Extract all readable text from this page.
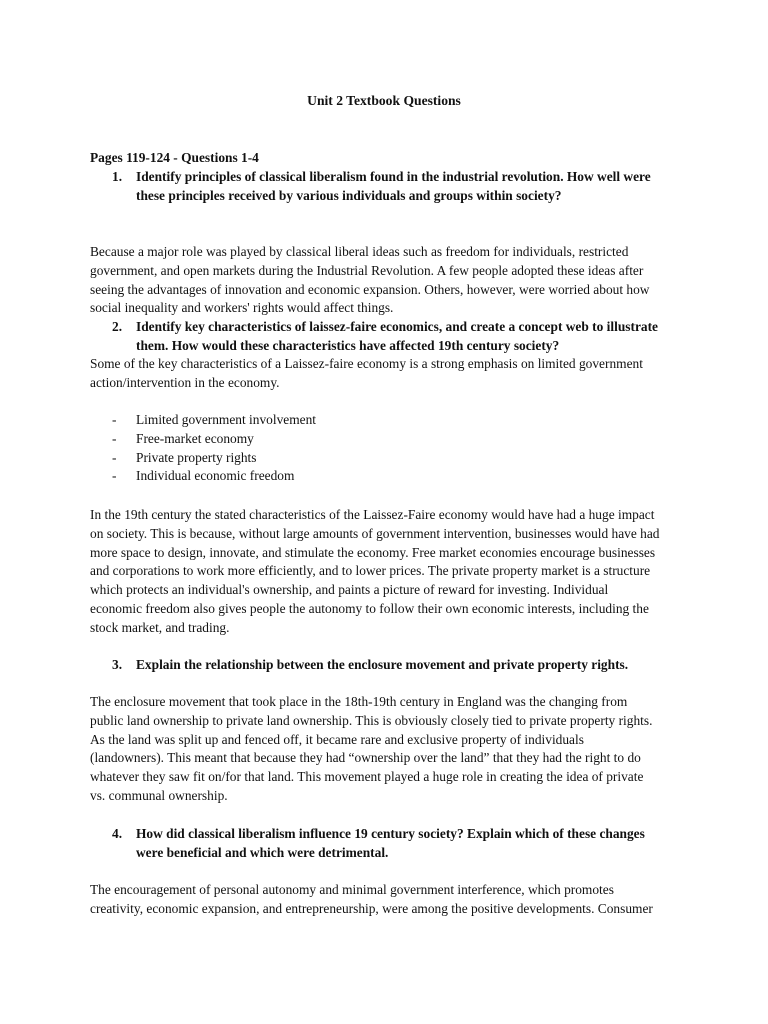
Unit 2 Textbook Questions
Pages 119-124 - Questions 1-4
1. Identify principles of classical liberalism found in the industrial revolution. How well were
these principles received by various individuals and groups within society?
Because a major role was played by classical liberal ideas such as freedom for individuals, restricted
government, and open markets during the Industrial Revolution. A few people adopted these ideas after
seeing the advantages of innovation and economic expansion. Others, however, were worried about how
social inequality and workers' rights would affect things.
2. Identify key characteristics of laissez-faire economics, and create a concept web to illustrate
them. How would these characteristics have affected 19th century society?
Some of the key characteristics of a Laissez-faire economy is a strong emphasis on limited government
action/intervention in the economy.
- Limited government involvement
- Free-market economy
- Private property rights
- Individual economic freedom
In the 19th century the stated characteristics of the Laissez-Faire economy would have had a huge impact
on society. This is because, without large amounts of government intervention, businesses would have had
more space to design, innovate, and stimulate the economy. Free market economies encourage businesses
and corporations to work more efficiently, and to lower prices. The private property market is a structure
which protects an individual's ownership, and paints a picture of reward for investing. Individual
economic freedom also gives people the autonomy to follow their own economic interests, including the
stock market, and trading.
3. Explain the relationship between the enclosure movement and private property rights.
The enclosure movement that took place in the 18th-19th century in England was the changing from
public land ownership to private land ownership. This is obviously closely tied to private property rights.
As the land was split up and fenced off, it became rare and exclusive property of individuals
(landowners). This meant that because they had “ownership over the land” that they had the right to do
whatever they saw fit on/for that land. This movement played a huge role in creating the idea of private
vs. communal ownership.
4. How did classical liberalism influence 19 century society? Explain which of these changes
were beneficial and which were detrimental.
The encouragement of personal autonomy and minimal government interference, which promotes
creativity, economic expansion, and entrepreneurship, were among the positive developments. Consumer
